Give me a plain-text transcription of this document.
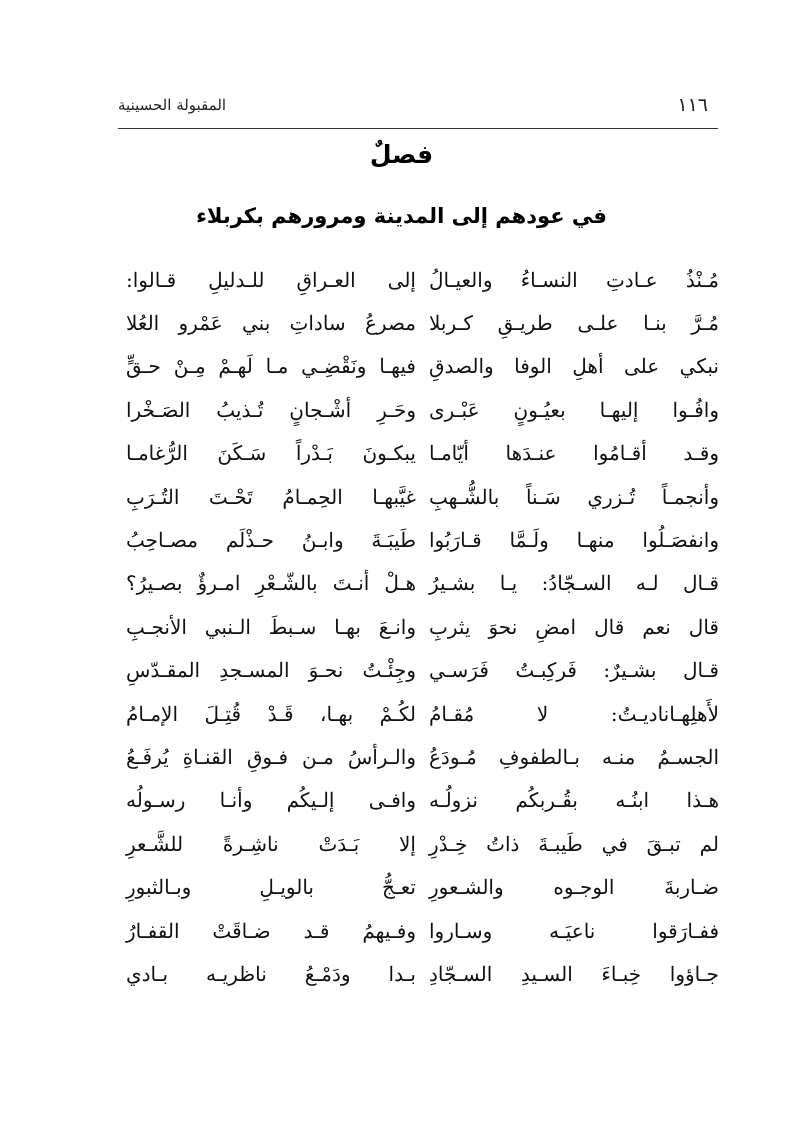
المقبولة الحسينية	١١٦
فصلٌ
في عودهم إلى المدينة ومرورهم بكربلاء
مُـنْذُ عـادتِ النسـاءُ والعيـالُ
إلى العـراقِ للـدليلِ قـالوا:
مُـرَّ بنـا علـى طريـقِ كـربلا
مصرعُ ساداتِ بني عَمْرو العُلا
نبكي على أهلِ الوفا والصدقِ
فيهـا ونَقْضِـي مـا لَهـمْ مِـنْ حـقٍّ
وافُـوا إليهـا بعيُـونٍ عَبْـرى
وحَـرِ أشْـجانٍ تُـذيبُ الصَـخْرا
وقـد أقـامُوا عنـدَها أيّامـا
يبكـونَ بَـدْراً سَـكَنَ الرُّغامـا
وأنجمـاً تُـزري سَـناً بالشُّـهبِ
غيَّبهـا الحِمـامُ تَحْـتَ التُـرَبِ
وانفصَـلُوا منهـا ولَـمَّا قـارَبُوا
طَيبَـةَ وابـنُ حـذْلَم مصـاحِبُ
قـال لـه السـجّادُ: يـا بشـيرُ
هـلْ أنـتَ بالشّـعْرِ امـرؤٌ بصـيرُ؟
قال نعم قال امضِ نحوَ يثربِ
وانـعَ بهـا سـبطَ الـنبي الأنجـبِ
قـال بشـيرٌ: فَركِبـتُ فَرَسـي
وجِئْـتُ نحـوَ المسـجدِ المقـدّسِ
لأَهلِهـاناديـتُ: لا مُقـامُ
لكُـمْ بهـا، قَـدْ قُتِـلَ الإمـامُ
الجسـمُ منـه بـالطفوفِ مُـودَعُ
والـرأسُ مـن فـوقِ القنـاةِ يُرفَـعُ
هـذا ابنُـه بقُـربكُم نزولُـه
وافـى إلـيكُم وأنـا رسـولُه
لم تبـقَ في طَيبـةَ ذاتُ خِـدْرِ
إلا بَـدَتْ ناشِـرةً للشَّـعرِ
ضـاربةَ الوجـوه والشـعورِ
تعـجُّ بالويـلِ وبـالثبورِ
ففـارَقوا ناعيَـه وسـاروا
وفـيهمُ قـد ضـاقَتْ القفـارُ
جـاؤوا خِبـاءَ السـيدِ السـجّادِ
بـدا ودَمْـعُ ناظريـه بـادي
